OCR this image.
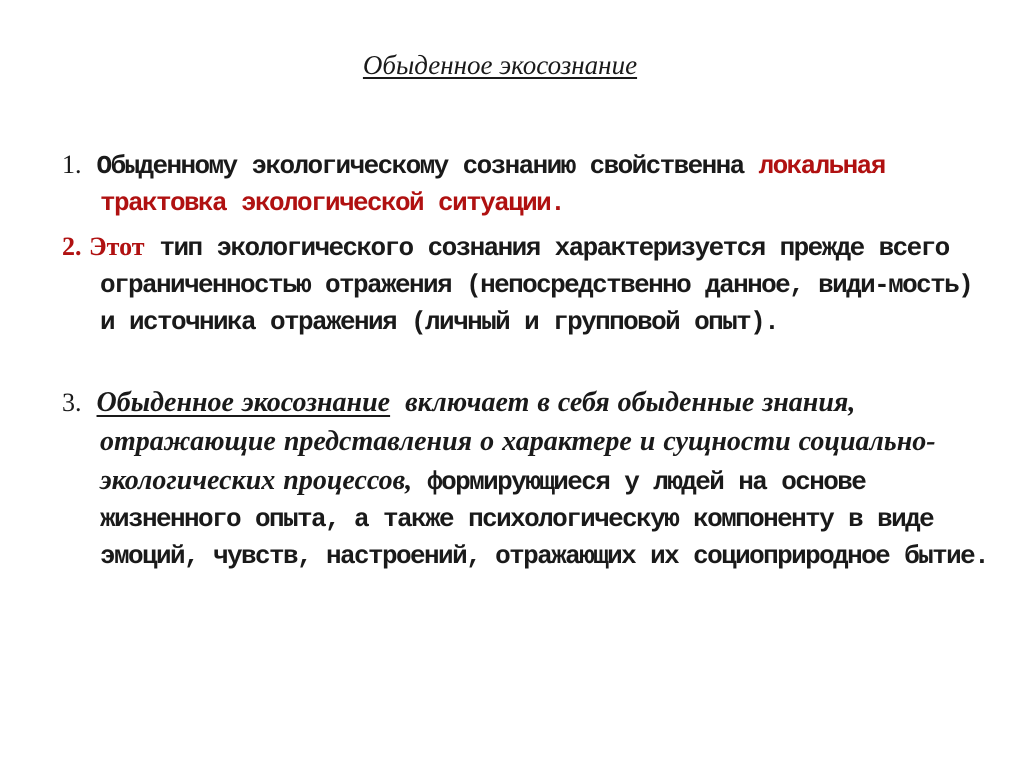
Обыденное экосознание
1. Обыденному экологическому сознанию свойственна локальная трактовка экологической ситуации.
2. Этот тип экологического сознания характеризуется прежде всегоограниченностью отражения (непосредственно данное, види-мость) и источника отражения (личный и групповой опыт).
3. Обыденное экосознание включает в себя обыденные знания, отражающие представления о характере и сущности социально-экологических процессов, формирующиеся у людей на основе жизненного опыта, а также психологическую компоненту в виде эмоций, чувств, настроений, отражающих их социоприродное бытие.
